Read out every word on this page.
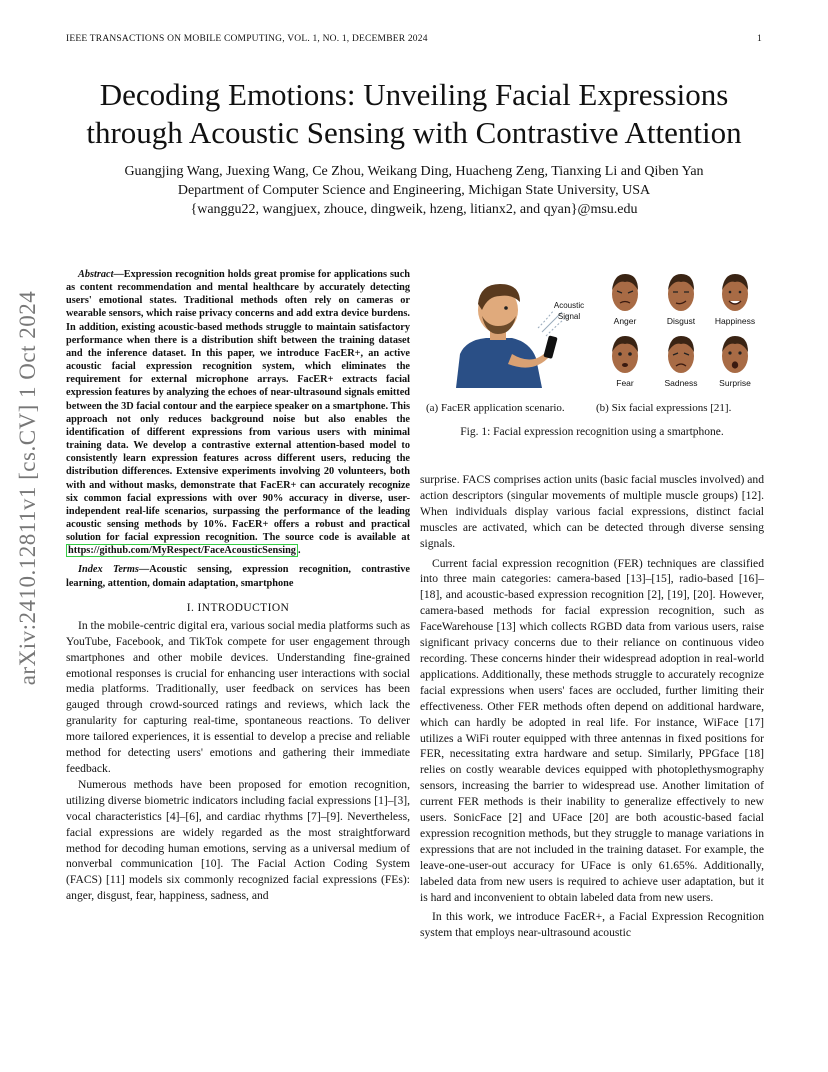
IEEE TRANSACTIONS ON MOBILE COMPUTING, VOL. 1, NO. 1, DECEMBER 2024	1
Decoding Emotions: Unveiling Facial Expressions
through Acoustic Sensing with Contrastive Attention
Guangjing Wang, Juexing Wang, Ce Zhou, Weikang Ding, Huacheng Zeng, Tianxing Li and Qiben Yan
Department of Computer Science and Engineering, Michigan State University, USA
{wanggu22, wangjuex, zhouce, dingweik, hzeng, litianx2, and qyan}@msu.edu
arXiv:2410.12811v1 [cs.CV] 1 Oct 2024

Abstract—Expression recognition holds great promise for applications such as content recommendation and mental healthcare by accurately detecting users' emotional states. Traditional methods often rely on cameras or wearable sensors, which raise privacy concerns and add extra device burdens. In addition, existing acoustic-based methods struggle to maintain satisfactory performance when there is a distribution shift between the training dataset and the inference dataset. In this paper, we introduce FacER+, an active acoustic facial expression recognition system, which eliminates the requirement for external microphone arrays. FacER+ extracts facial expression features by analyzing the echoes of near-ultrasound signals emitted between the 3D facial contour and the earpiece speaker on a smartphone. This approach not only reduces background noise but also enables the identification of different expressions from various users with minimal training data. We develop a contrastive external attention-based model to consistently learn expression features across different users, reducing the distribution differences. Extensive experiments involving 20 volunteers, both with and without masks, demonstrate that FacER+ can accurately recognize six common facial expressions with over 90% accuracy in diverse, user-independent real-life scenarios, surpassing the performance of the leading acoustic sensing methods by 10%. FacER+ offers a robust and practical solution for facial expression recognition. The source code is available at https://github.com/MyRespect/FaceAcousticSensing .

Index Terms—Acoustic sensing, expression recognition, contrastive learning, attention, domain adaptation, smartphone

I. INTRODUCTION

In the mobile-centric digital era, various social media platforms such as YouTube, Facebook, and TikTok compete for user engagement through smartphones and other mobile devices. Understanding fine-grained emotional responses is crucial for enhancing user interactions with social media platforms. Traditionally, user feedback on services has been gauged through crowd-sourced ratings and reviews, which lack the granularity for capturing real-time, spontaneous reactions. To deliver more tailored experiences, it is essential to develop a precise and reliable method for detecting users' emotions and gathering their immediate feedback.

Numerous methods have been proposed for emotion recognition, utilizing diverse biometric indicators including facial expressions [1]–[3], vocal characteristics [4]–[6], and cardiac rhythms [7]–[9]. Nevertheless, facial expressions are widely regarded as the most straightforward method for decoding human emotions, serving as a universal medium of nonverbal communication [10]. The Facial Action Coding System (FACS) [11] models six commonly recognized facial expressions (FEs): anger, disgust, fear, happiness, sadness, and

Acoustic Signal	Anger	Disgust	Happiness
Fear	Sadness	Surprise
(a) FacER application scenario.	(b) Six facial expressions [21].
Fig. 1: Facial expression recognition using a smartphone.

surprise. FACS comprises action units (basic facial muscles involved) and action descriptors (singular movements of multiple muscle groups) [12]. When individuals display various facial expressions, distinct facial muscles are activated, which can be detected through diverse sensing signals.

Current facial expression recognition (FER) techniques are classified into three main categories: camera-based [13]–[15], radio-based [16]–[18], and acoustic-based expression recognition [2], [19], [20]. However, camera-based methods for facial expression recognition, such as FaceWarehouse [13] which collects RGBD data from various users, raise significant privacy concerns due to their reliance on continuous video recording. These concerns hinder their widespread adoption in real-world applications. Additionally, these methods struggle to accurately recognize facial expressions when users' faces are occluded, further limiting their effectiveness. Other FER methods often depend on additional hardware, which can hardly be adopted in real life. For instance, WiFace [17] utilizes a WiFi router equipped with three antennas in fixed positions for FER, necessitating extra hardware and setup. Similarly, PPGface [18] relies on costly wearable devices equipped with photoplethysmography sensors, increasing the barrier to widespread use. Another limitation of current FER methods is their inability to generalize effectively to new users. SonicFace [2] and UFace [20] are both acoustic-based facial expression recognition methods, but they struggle to manage variations in expressions that are not included in the training dataset. For example, the leave-one-user-out accuracy for UFace is only 61.65%. Additionally, labeled data from new users is required to achieve user adaptation, but it is hard and inconvenient to obtain labeled data from new users.

In this work, we introduce FacER+, a Facial Expression Recognition system that employs near-ultrasound acoustic
